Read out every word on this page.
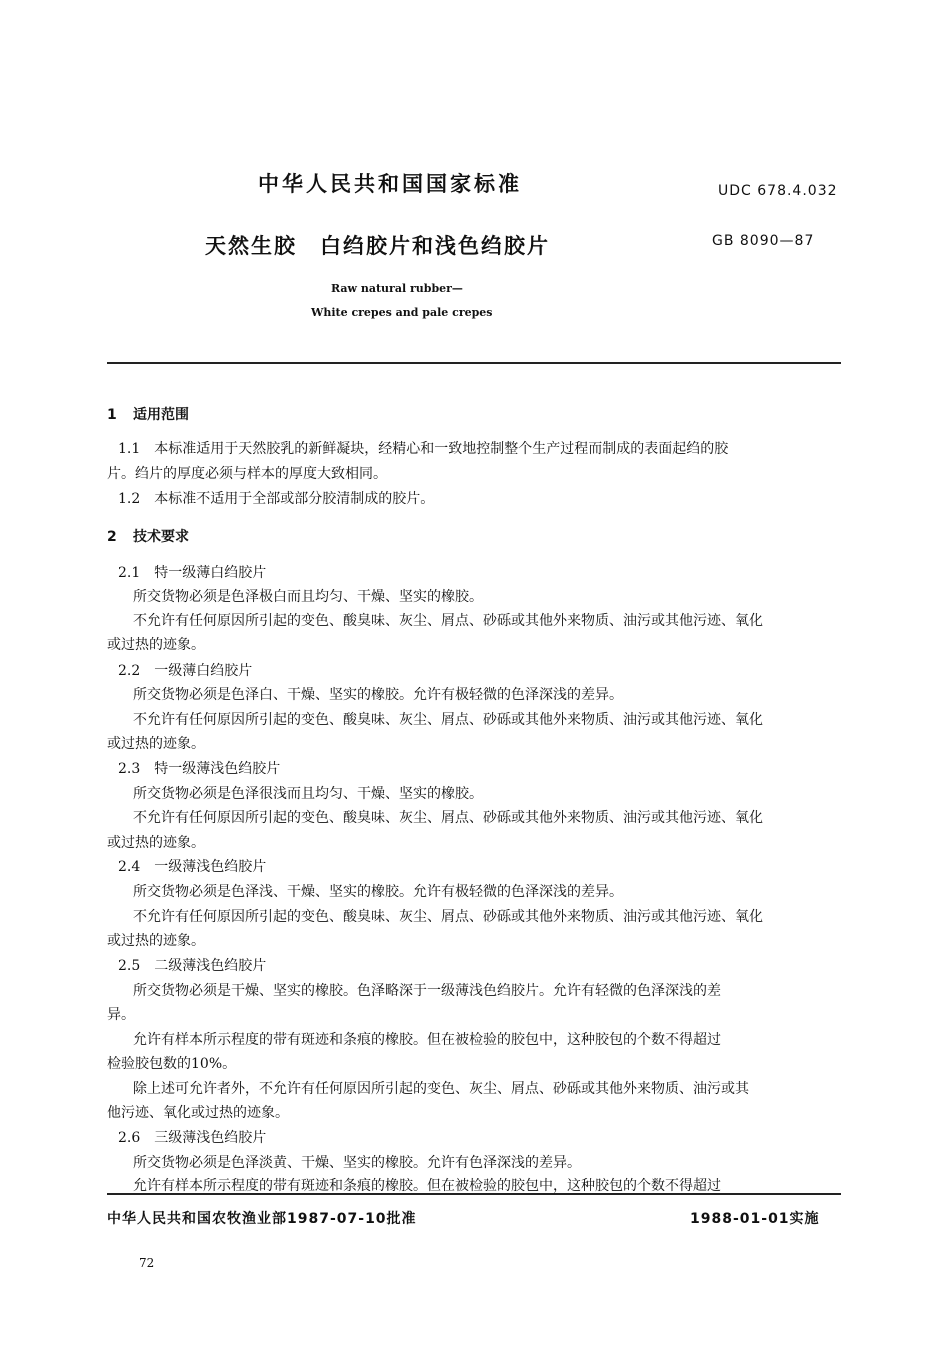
中华人民共和国国家标准	UDC 678.4.032
天然生胶　白绉胶片和浅色绉胶片	GB 8090—87
Raw natural rubber—
White crepes and pale crepes
1 适用范围
1.1　本标准适用于天然胶乳的新鲜凝块，经精心和一致地控制整个生产过程而制成的表面起绉的胶
片。绉片的厚度必须与样本的厚度大致相同。
1.2　本标准不适用于全部或部分胶清制成的胶片。
2 技术要求
2.1　特一级薄白绉胶片
所交货物必须是色泽极白而且均匀、干燥、坚实的橡胶。
不允许有任何原因所引起的变色、酸臭味、灰尘、屑点、砂砾或其他外来物质、油污或其他污迹、氧化
或过热的迹象。
2.2　一级薄白绉胶片
所交货物必须是色泽白、干燥、坚实的橡胶。允许有极轻微的色泽深浅的差异。
不允许有任何原因所引起的变色、酸臭味、灰尘、屑点、砂砾或其他外来物质、油污或其他污迹、氧化
或过热的迹象。
2.3　特一级薄浅色绉胶片
所交货物必须是色泽很浅而且均匀、干燥、坚实的橡胶。
不允许有任何原因所引起的变色、酸臭味、灰尘、屑点、砂砾或其他外来物质、油污或其他污迹、氧化
或过热的迹象。
2.4　一级薄浅色绉胶片
所交货物必须是色泽浅、干燥、坚实的橡胶。允许有极轻微的色泽深浅的差异。
不允许有任何原因所引起的变色、酸臭味、灰尘、屑点、砂砾或其他外来物质、油污或其他污迹、氧化
或过热的迹象。
2.5　二级薄浅色绉胶片
所交货物必须是干燥、坚实的橡胶。色泽略深于一级薄浅色绉胶片。允许有轻微的色泽深浅的差
异。
允许有样本所示程度的带有斑迹和条痕的橡胶。但在被检验的胶包中，这种胶包的个数不得超过
检验胶包数的10%。
除上述可允许者外，不允许有任何原因所引起的变色、灰尘、屑点、砂砾或其他外来物质、油污或其
他污迹、氧化或过热的迹象。
2.6　三级薄浅色绉胶片
所交货物必须是色泽淡黄、干燥、坚实的橡胶。允许有色泽深浅的差异。
允许有样本所示程度的带有斑迹和条痕的橡胶。但在被检验的胶包中，这种胶包的个数不得超过
中华人民共和国农牧渔业部1987-07-10批准	1988-01-01实施
72
